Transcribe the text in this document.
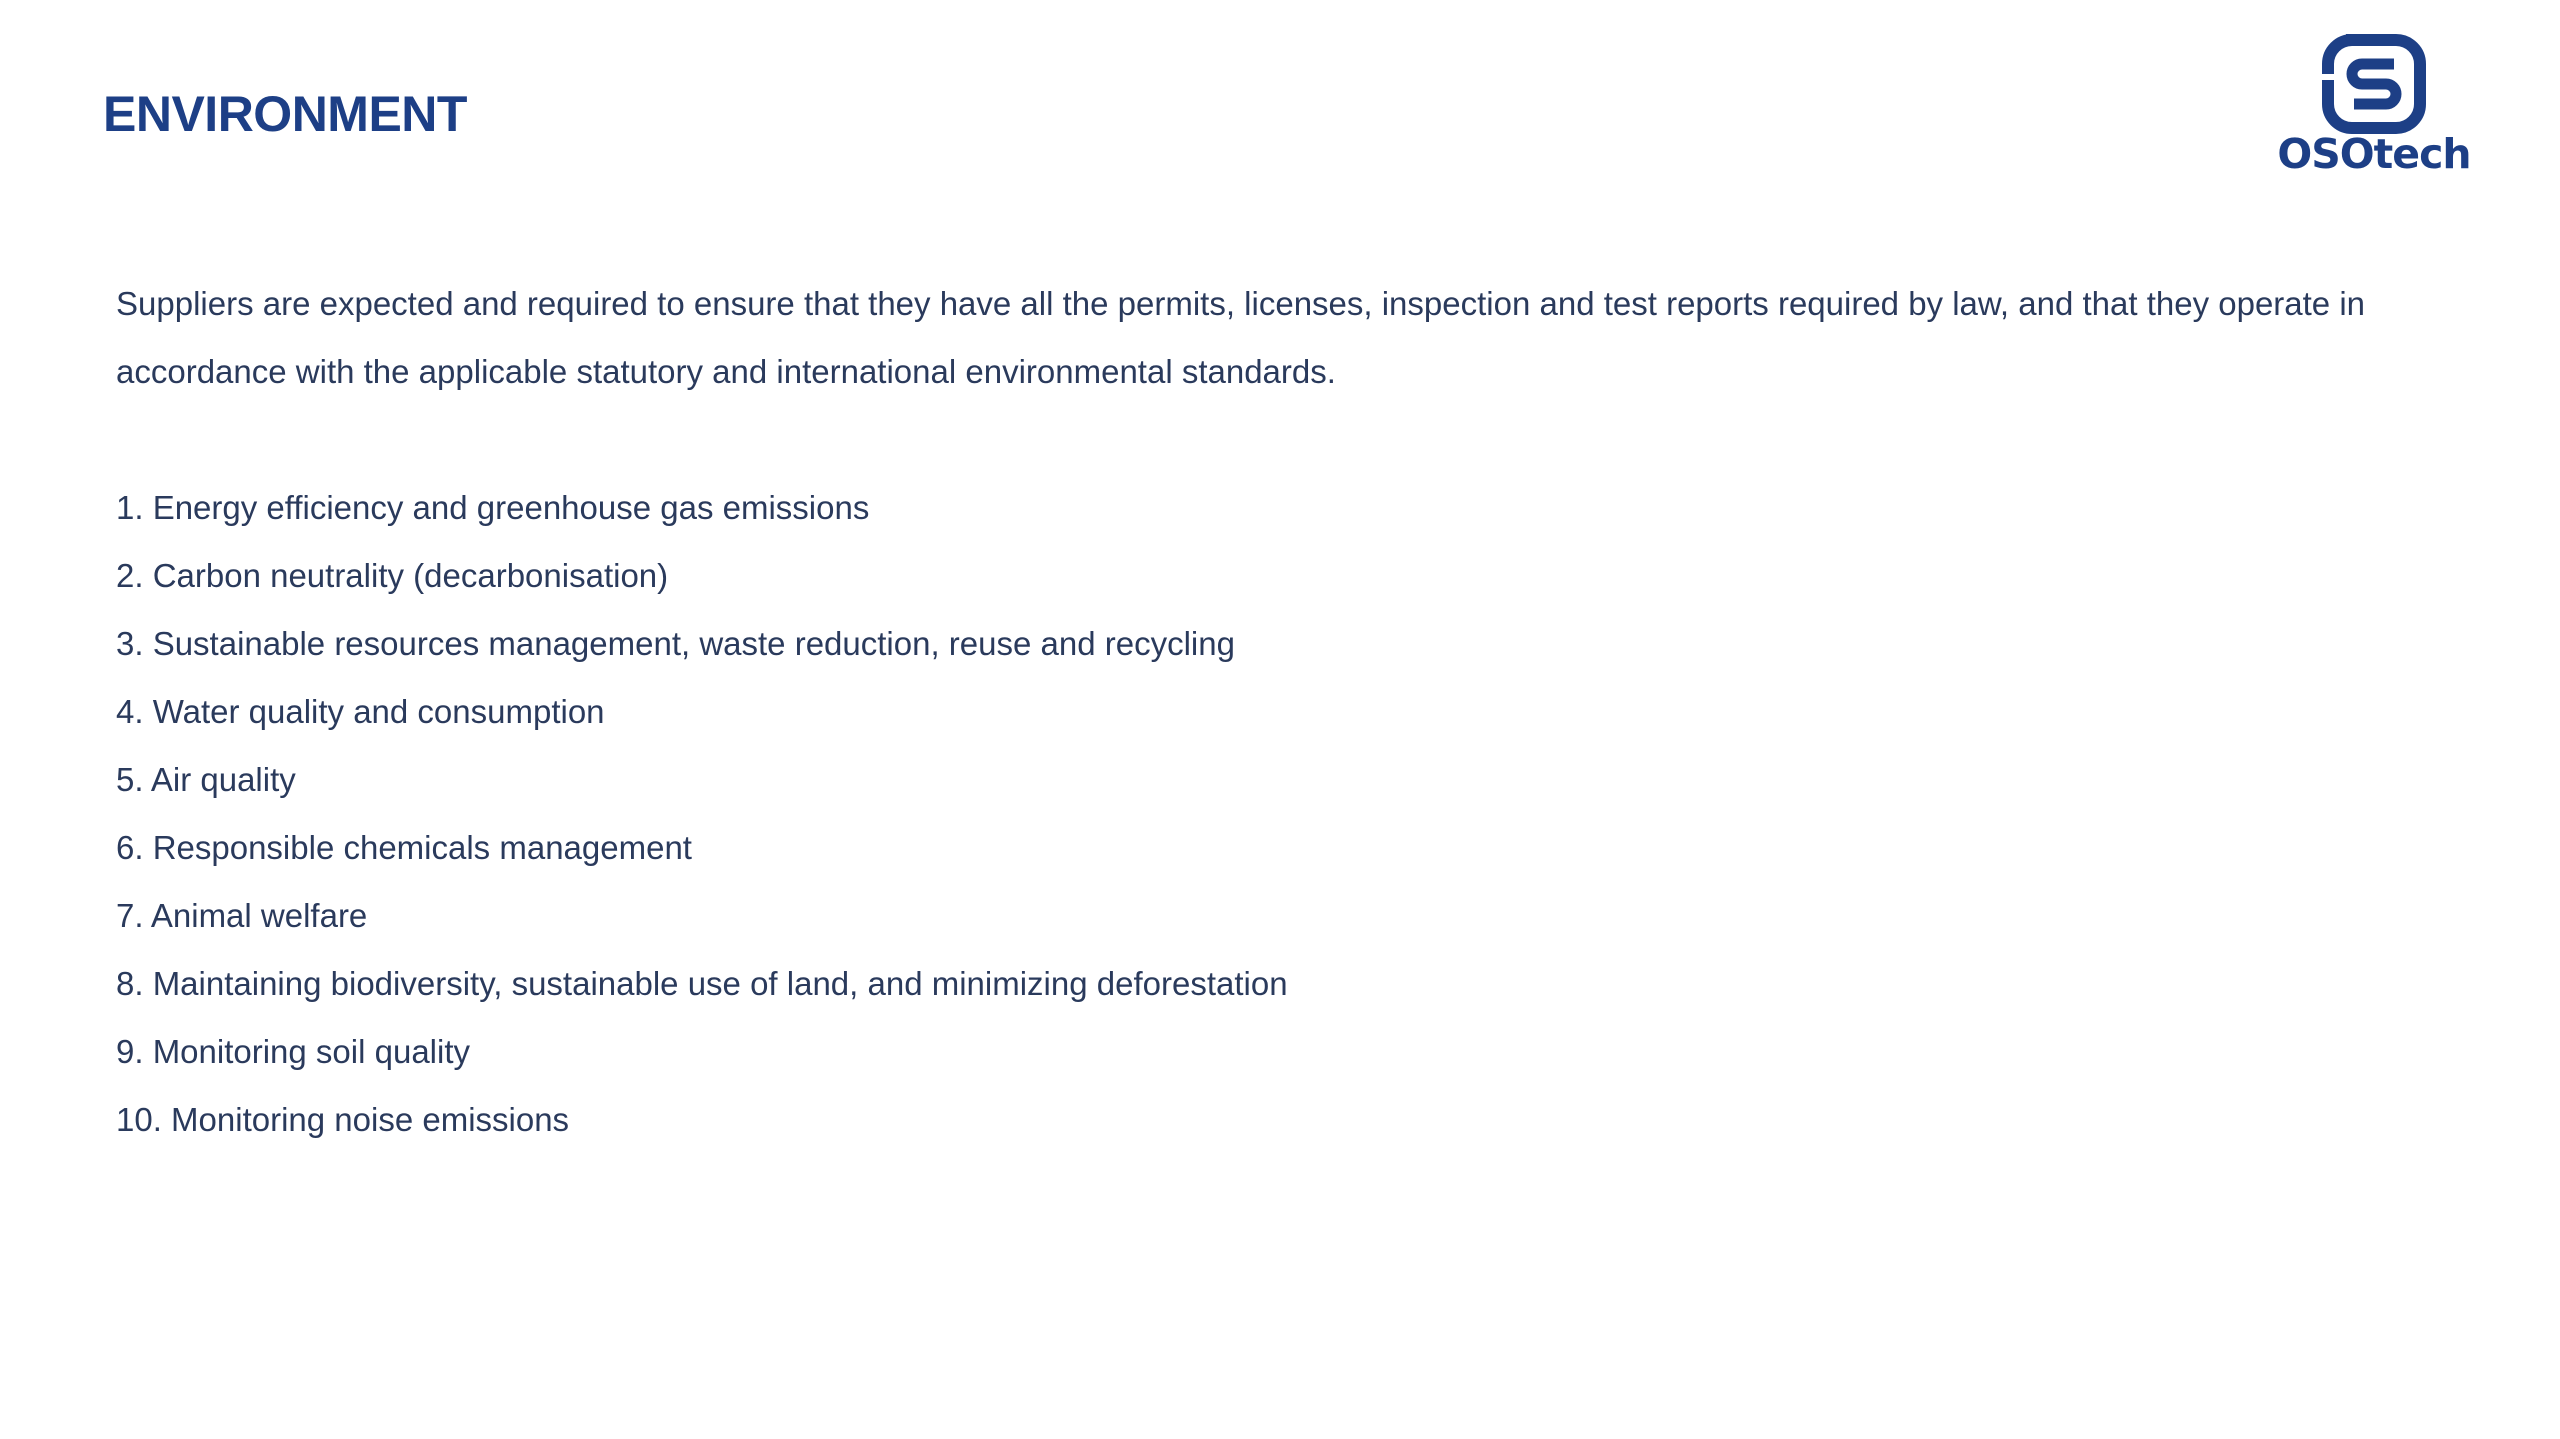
ENVIRONMENT
OSOtech

Suppliers are expected and required to ensure that they have all the permits, licenses, inspection and test reports required by law, and that they operate in accordance with the applicable statutory and international environmental standards.

1. Energy efficiency and greenhouse gas emissions
2. Carbon neutrality (decarbonisation)
3. Sustainable resources management, waste reduction, reuse and recycling
4. Water quality and consumption
5. Air quality
6. Responsible chemicals management
7. Animal welfare
8. Maintaining biodiversity, sustainable use of land, and minimizing deforestation
9. Monitoring soil quality
10. Monitoring noise emissions
